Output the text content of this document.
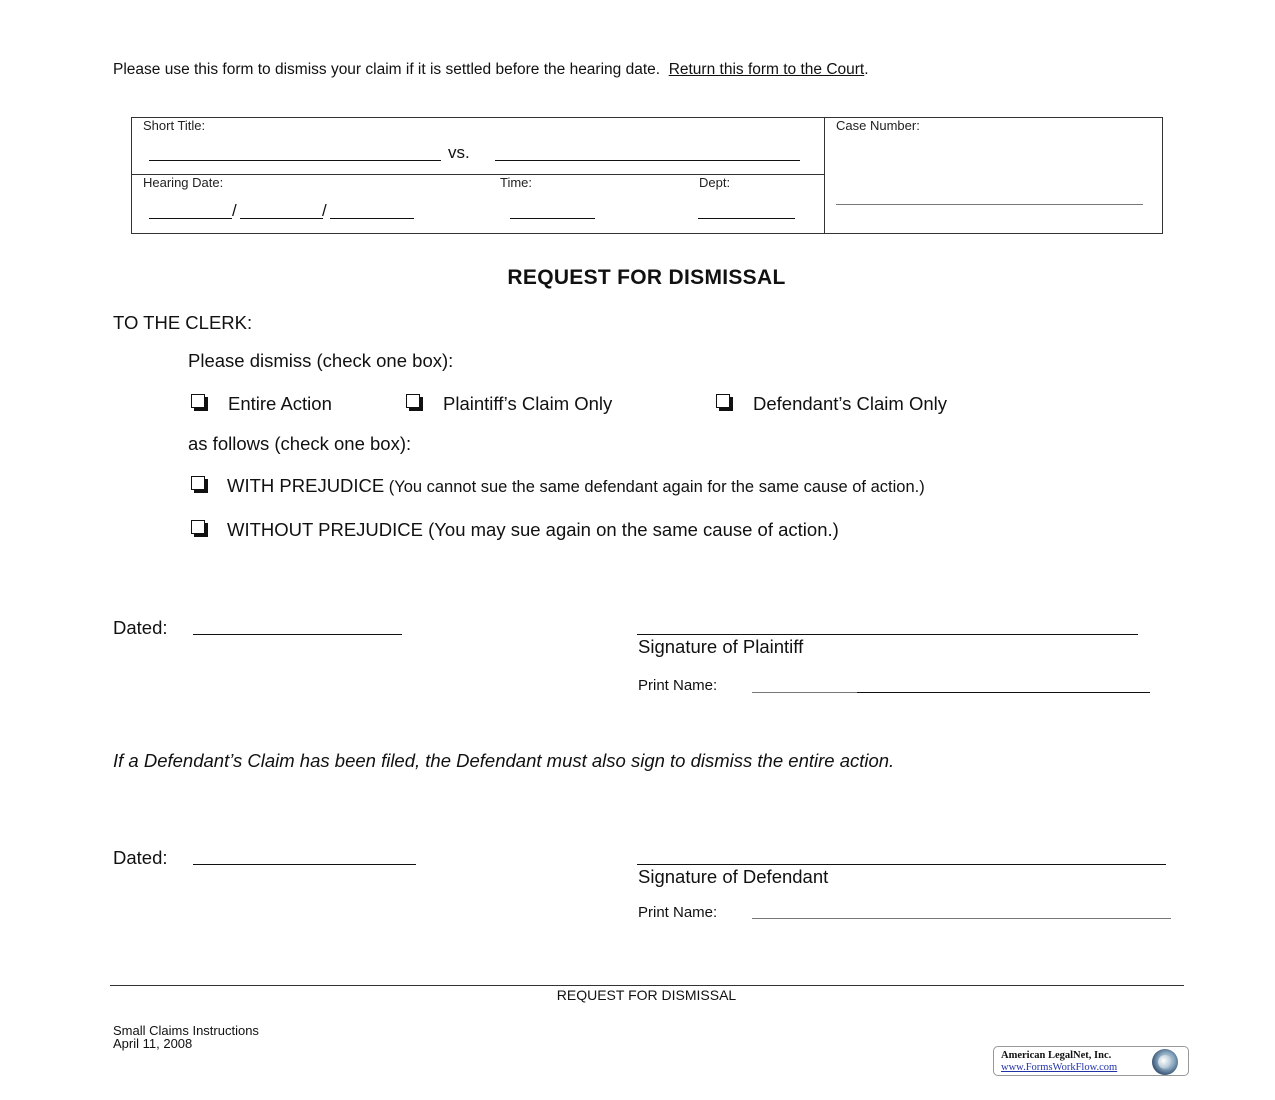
Please use this form to dismiss your claim if it is settled before the hearing date. Return this form to the Court.
Short Title:
vs.
Hearing Date:
/	/
Time:	Dept:
Case Number:
REQUEST FOR DISMISSAL
TO THE CLERK:
Please dismiss (check one box):
Entire Action	Plaintiff’s Claim Only	Defendant’s Claim Only
as follows (check one box):
WITH PREJUDICE (You cannot sue the same defendant again for the same cause of action.)
WITHOUT PREJUDICE (You may sue again on the same cause of action.)
Dated:
Signature of Plaintiff
Print Name:
If a Defendant’s Claim has been filed, the Defendant must also sign to dismiss the entire action.
Dated:
Signature of Defendant
Print Name:
REQUEST FOR DISMISSAL
Small Claims Instructions
April 11, 2008
American LegalNet, Inc.
www.FormsWorkFlow.com
